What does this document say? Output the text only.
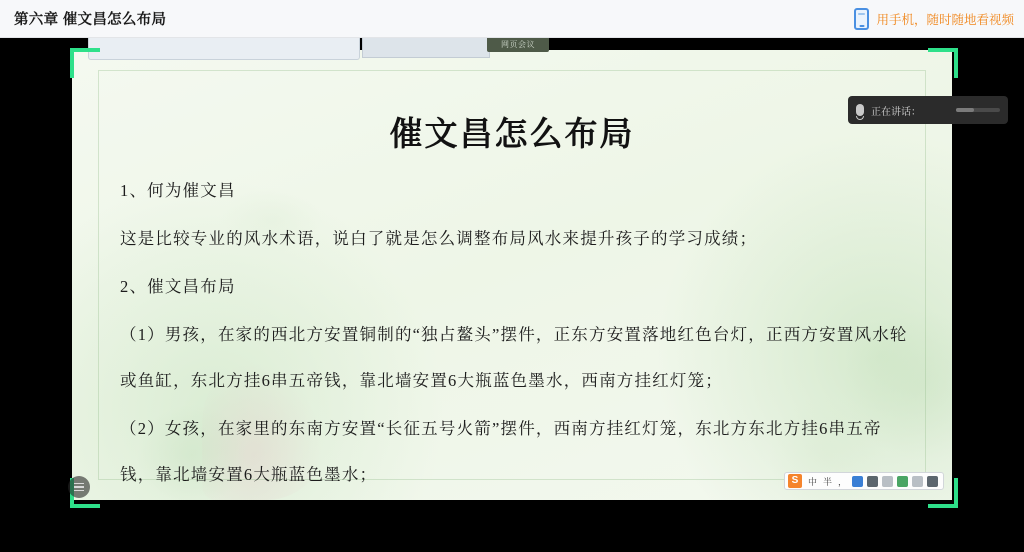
第六章 催文昌怎么布局	用手机，随时随地看视频
催文昌怎么布局

1、何为催文昌

这是比较专业的风水术语，说白了就是怎么调整布局风水来提升孩子的学习成绩；

2、催文昌布局

（1）男孩，在家的西北方安置铜制的“独占鳌头”摆件，正东方安置落地红色台灯，正西方安置风水轮或鱼缸，东北方挂6串五帝钱，靠北墙安置6大瓶蓝色墨水，西南方挂红灯笼；

（2）女孩，在家里的东南方安置“长征五号火箭”摆件，西南方挂红灯笼，东北方东北方挂6串五帝钱，靠北墙安置6大瓶蓝色墨水；

网页会议
正在讲话：
S	中 半 ，
